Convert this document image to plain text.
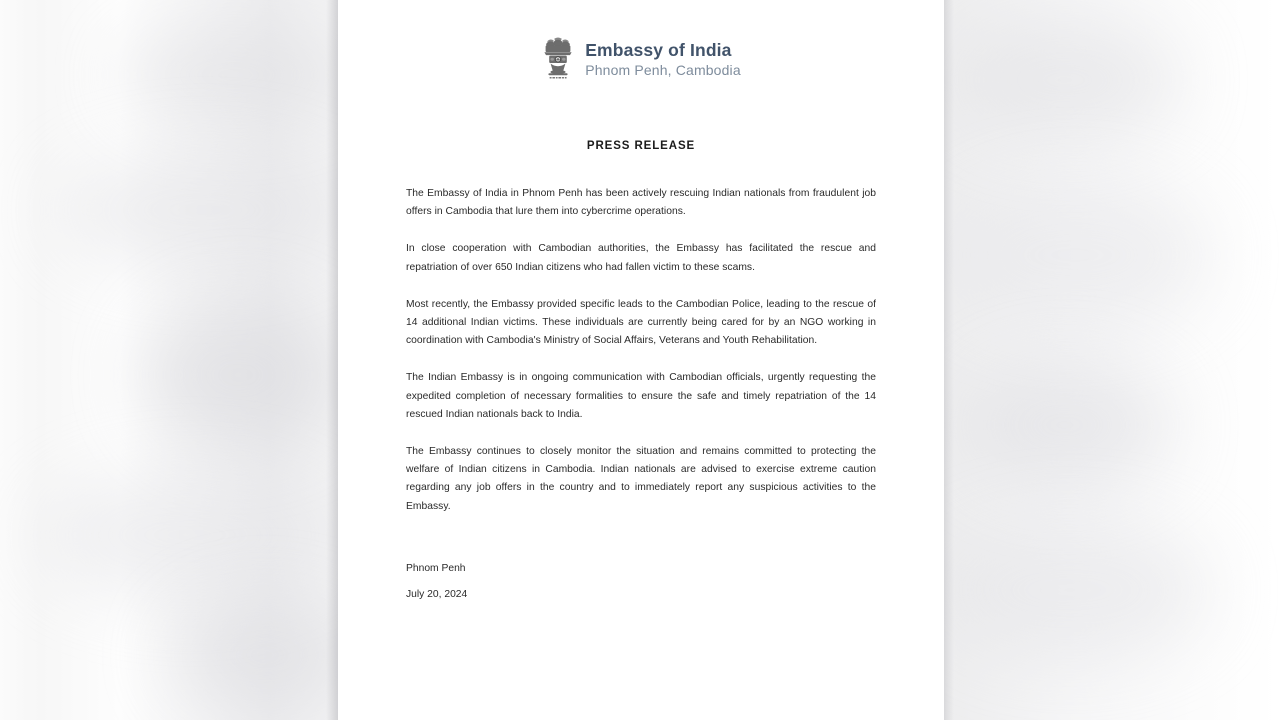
Embassy of India
Phnom Penh, Cambodia
PRESS RELEASE

The Embassy of India in Phnom Penh has been actively rescuing Indian nationals from fraudulent job offers in Cambodia that lure them into cybercrime operations.

In close cooperation with Cambodian authorities, the Embassy has facilitated the rescue and repatriation of over 650 Indian citizens who had fallen victim to these scams.

Most recently, the Embassy provided specific leads to the Cambodian Police, leading to the rescue of 14 additional Indian victims. These individuals are currently being cared for by an NGO working in coordination with Cambodia's Ministry of Social Affairs, Veterans and Youth Rehabilitation.

The Indian Embassy is in ongoing communication with Cambodian officials, urgently requesting the expedited completion of necessary formalities to ensure the safe and timely repatriation of the 14 rescued Indian nationals back to India.

The Embassy continues to closely monitor the situation and remains committed to protecting the welfare of Indian citizens in Cambodia. Indian nationals are advised to exercise extreme caution regarding any job offers in the country and to immediately report any suspicious activities to the Embassy.

Phnom Penh

July 20, 2024
